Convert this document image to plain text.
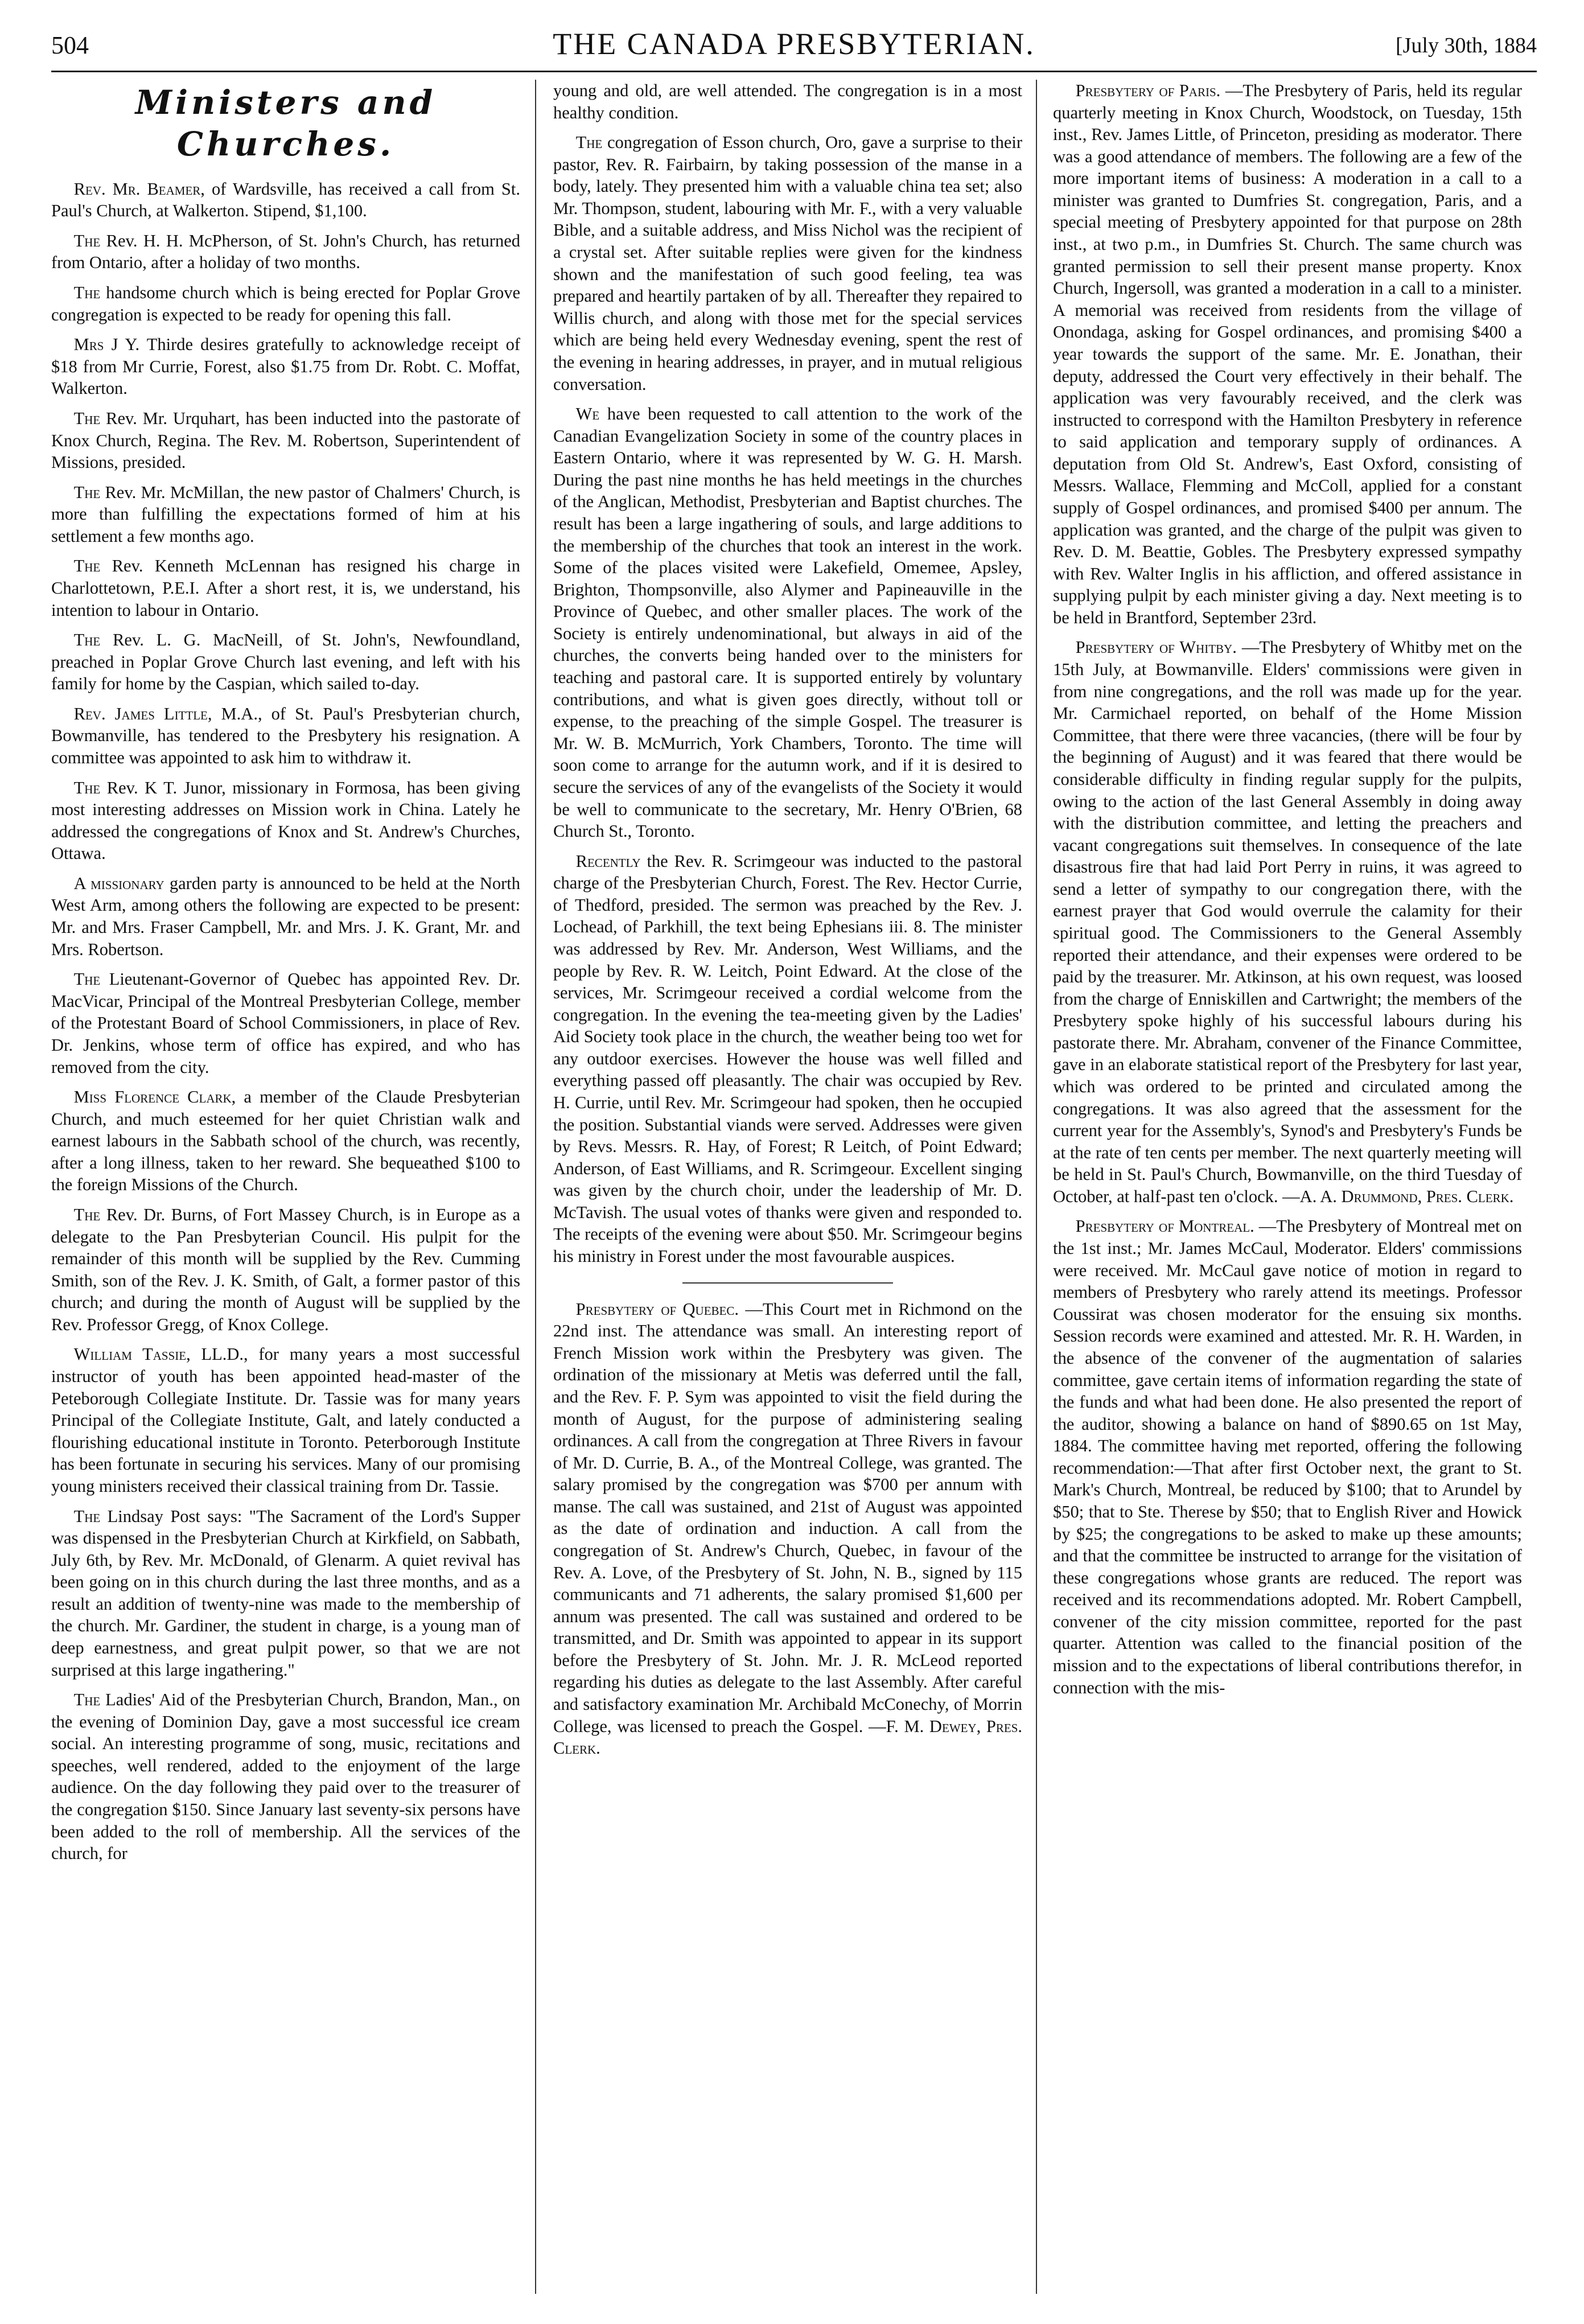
504	THE CANADA PRESBYTERIAN.	[July 30th, 1884
Ministers and Churches.

Rev. Mr. Beamer, of Wardsville, has received a call from St. Paul's Church, at Walkerton. Stipend, $1,100.

The Rev. H. H. McPherson, of St. John's Church, has returned from Ontario, after a holiday of two months.

The handsome church which is being erected for Poplar Grove congregation is expected to be ready for opening this fall.

Mrs J Y. Thirde desires gratefully to acknowledge receipt of $18 from Mr Currie, Forest, also $1.75 from Dr. Robt. C. Moffat, Walkerton.

The Rev. Mr. Urquhart, has been inducted into the pastorate of Knox Church, Regina. The Rev. M. Robertson, Superintendent of Missions, presided.

The Rev. Mr. McMillan, the new pastor of Chalmers' Church, is more than fulfilling the expectations formed of him at his settlement a few months ago.

The Rev. Kenneth McLennan has resigned his charge in Charlottetown, P.E.I. After a short rest, it is, we understand, his intention to labour in Ontario.

The Rev. L. G. MacNeill, of St. John's, Newfoundland, preached in Poplar Grove Church last evening, and left with his family for home by the Caspian, which sailed to-day.

Rev. James Little, M.A., of St. Paul's Presbyterian church, Bowmanville, has tendered to the Presbytery his resignation. A committee was appointed to ask him to withdraw it.

The Rev. K T. Junor, missionary in Formosa, has been giving most interesting addresses on Mission work in China. Lately he addressed the congregations of Knox and St. Andrew's Churches, Ottawa.

A missionary garden party is announced to be held at the North West Arm, among others the following are expected to be present: Mr. and Mrs. Fraser Campbell, Mr. and Mrs. J. K. Grant, Mr. and Mrs. Robertson.

The Lieutenant-Governor of Quebec has appointed Rev. Dr. MacVicar, Principal of the Montreal Presbyterian College, member of the Protestant Board of School Commissioners, in place of Rev. Dr. Jenkins, whose term of office has expired, and who has removed from the city.

Miss Florence Clark, a member of the Claude Presbyterian Church, and much esteemed for her quiet Christian walk and earnest labours in the Sabbath school of the church, was recently, after a long illness, taken to her reward. She bequeathed $100 to the foreign Missions of the Church.

The Rev. Dr. Burns, of Fort Massey Church, is in Europe as a delegate to the Pan Presbyterian Council. His pulpit for the remainder of this month will be supplied by the Rev. Cumming Smith, son of the Rev. J. K. Smith, of Galt, a former pastor of this church; and during the month of August will be supplied by the Rev. Professor Gregg, of Knox College.

William Tassie, LL.D., for many years a most successful instructor of youth has been appointed head-master of the Peteborough Collegiate Institute. Dr. Tassie was for many years Principal of the Collegiate Institute, Galt, and lately conducted a flourishing educational institute in Toronto. Peterborough Institute has been fortunate in securing his services. Many of our promising young ministers received their classical training from Dr. Tassie.

The Lindsay Post says: "The Sacrament of the Lord's Supper was dispensed in the Presbyterian Church at Kirkfield, on Sabbath, July 6th, by Rev. Mr. McDonald, of Glenarm. A quiet revival has been going on in this church during the last three months, and as a result an addition of twenty-nine was made to the membership of the church. Mr. Gardiner, the student in charge, is a young man of deep earnestness, and great pulpit power, so that we are not surprised at this large ingathering."

The Ladies' Aid of the Presbyterian Church, Brandon, Man., on the evening of Dominion Day, gave a most successful ice cream social. An interesting programme of song, music, recitations and speeches, well rendered, added to the enjoyment of the large audience. On the day following they paid over to the treasurer of the congregation $150. Since January last seventy-six persons have been added to the roll of membership. All the services of the church, for

young and old, are well attended. The congregation is in a most healthy condition.

The congregation of Esson church, Oro, gave a surprise to their pastor, Rev. R. Fairbairn, by taking possession of the manse in a body, lately. They presented him with a valuable china tea set; also Mr. Thompson, student, labouring with Mr. F., with a very valuable Bible, and a suitable address, and Miss Nichol was the recipient of a crystal set. After suitable replies were given for the kindness shown and the manifestation of such good feeling, tea was prepared and heartily partaken of by all. Thereafter they repaired to Willis church, and along with those met for the special services which are being held every Wednesday evening, spent the rest of the evening in hearing addresses, in prayer, and in mutual religious conversation.

We have been requested to call attention to the work of the Canadian Evangelization Society in some of the country places in Eastern Ontario, where it was represented by W. G. H. Marsh. During the past nine months he has held meetings in the churches of the Anglican, Methodist, Presbyterian and Baptist churches. The result has been a large ingathering of souls, and large additions to the membership of the churches that took an interest in the work. Some of the places visited were Lakefield, Omemee, Apsley, Brighton, Thompsonville, also Alymer and Papineauville in the Province of Quebec, and other smaller places. The work of the Society is entirely undenominational, but always in aid of the churches, the converts being handed over to the ministers for teaching and pastoral care. It is supported entirely by voluntary contributions, and what is given goes directly, without toll or expense, to the preaching of the simple Gospel. The treasurer is Mr. W. B. McMurrich, York Chambers, Toronto. The time will soon come to arrange for the autumn work, and if it is desired to secure the services of any of the evangelists of the Society it would be well to communicate to the secretary, Mr. Henry O'Brien, 68 Church St., Toronto.

Recently the Rev. R. Scrimgeour was inducted to the pastoral charge of the Presbyterian Church, Forest. The Rev. Hector Currie, of Thedford, presided. The sermon was preached by the Rev. J. Lochead, of Parkhill, the text being Ephesians iii. 8. The minister was addressed by Rev. Mr. Anderson, West Williams, and the people by Rev. R. W. Leitch, Point Edward. At the close of the services, Mr. Scrimgeour received a cordial welcome from the congregation. In the evening the tea-meeting given by the Ladies' Aid Society took place in the church, the weather being too wet for any outdoor exercises. However the house was well filled and everything passed off pleasantly. The chair was occupied by Rev. H. Currie, until Rev. Mr. Scrimgeour had spoken, then he occupied the position. Substantial viands were served. Addresses were given by Revs. Messrs. R. Hay, of Forest; R Leitch, of Point Edward; Anderson, of East Williams, and R. Scrimgeour. Excellent singing was given by the church choir, under the leadership of Mr. D. McTavish. The usual votes of thanks were given and responded to. The receipts of the evening were about $50. Mr. Scrimgeour begins his ministry in Forest under the most favourable auspices.

Presbytery of Quebec. —This Court met in Richmond on the 22nd inst. The attendance was small. An interesting report of French Mission work within the Presbytery was given. The ordination of the missionary at Metis was deferred until the fall, and the Rev. F. P. Sym was appointed to visit the field during the month of August, for the purpose of administering sealing ordinances. A call from the congregation at Three Rivers in favour of Mr. D. Currie, B. A., of the Montreal College, was granted. The salary promised by the congregation was $700 per annum with manse. The call was sustained, and 21st of August was appointed as the date of ordination and induction. A call from the congregation of St. Andrew's Church, Quebec, in favour of the Rev. A. Love, of the Presbytery of St. John, N. B., signed by 115 communicants and 71 adherents, the salary promised $1,600 per annum was presented. The call was sustained and ordered to be transmitted, and Dr. Smith was appointed to appear in its support before the Presbytery of St. John. Mr. J. R. McLeod reported regarding his duties as delegate to the last Assembly. After careful and satisfactory examination Mr. Archibald McConechy, of Morrin College, was licensed to preach the Gospel. —F. M. Dewey, Pres. Clerk.

Presbytery of Paris. —The Presbytery of Paris, held its regular quarterly meeting in Knox Church, Woodstock, on Tuesday, 15th inst., Rev. James Little, of Princeton, presiding as moderator. There was a good attendance of members. The following are a few of the more important items of business: A moderation in a call to a minister was granted to Dumfries St. congregation, Paris, and a special meeting of Presbytery appointed for that purpose on 28th inst., at two p.m., in Dumfries St. Church. The same church was granted permission to sell their present manse property. Knox Church, Ingersoll, was granted a moderation in a call to a minister. A memorial was received from residents from the village of Onondaga, asking for Gospel ordinances, and promising $400 a year towards the support of the same. Mr. E. Jonathan, their deputy, addressed the Court very effectively in their behalf. The application was very favourably received, and the clerk was instructed to correspond with the Hamilton Presbytery in reference to said application and temporary supply of ordinances. A deputation from Old St. Andrew's, East Oxford, consisting of Messrs. Wallace, Flemming and McColl, applied for a constant supply of Gospel ordinances, and promised $400 per annum. The application was granted, and the charge of the pulpit was given to Rev. D. M. Beattie, Gobles. The Presbytery expressed sympathy with Rev. Walter Inglis in his affliction, and offered assistance in supplying pulpit by each minister giving a day. Next meeting is to be held in Brantford, September 23rd.

Presbytery of Whitby. —The Presbytery of Whitby met on the 15th July, at Bowmanville. Elders' commissions were given in from nine congregations, and the roll was made up for the year. Mr. Carmichael reported, on behalf of the Home Mission Committee, that there were three vacancies, (there will be four by the beginning of August) and it was feared that there would be considerable difficulty in finding regular supply for the pulpits, owing to the action of the last General Assembly in doing away with the distribution committee, and letting the preachers and vacant congregations suit themselves. In consequence of the late disastrous fire that had laid Port Perry in ruins, it was agreed to send a letter of sympathy to our congregation there, with the earnest prayer that God would overrule the calamity for their spiritual good. The Commissioners to the General Assembly reported their attendance, and their expenses were ordered to be paid by the treasurer. Mr. Atkinson, at his own request, was loosed from the charge of Enniskillen and Cartwright; the members of the Presbytery spoke highly of his successful labours during his pastorate there. Mr. Abraham, convener of the Finance Committee, gave in an elaborate statistical report of the Presbytery for last year, which was ordered to be printed and circulated among the congregations. It was also agreed that the assessment for the current year for the Assembly's, Synod's and Presbytery's Funds be at the rate of ten cents per member. The next quarterly meeting will be held in St. Paul's Church, Bowmanville, on the third Tuesday of October, at half-past ten o'clock. —A. A. Drummond, Pres. Clerk.

Presbytery of Montreal. —The Presbytery of Montreal met on the 1st inst.; Mr. James McCaul, Moderator. Elders' commissions were received. Mr. McCaul gave notice of motion in regard to members of Presbytery who rarely attend its meetings. Professor Coussirat was chosen moderator for the ensuing six months. Session records were examined and attested. Mr. R. H. Warden, in the absence of the convener of the augmentation of salaries committee, gave certain items of information regarding the state of the funds and what had been done. He also presented the report of the auditor, showing a balance on hand of $890.65 on 1st May, 1884. The committee having met reported, offering the following recommendation:—That after first October next, the grant to St. Mark's Church, Montreal, be reduced by $100; that to Arundel by $50; that to Ste. Therese by $50; that to English River and Howick by $25; the congregations to be asked to make up these amounts; and that the committee be instructed to arrange for the visitation of these congregations whose grants are reduced. The report was received and its recommendations adopted. Mr. Robert Campbell, convener of the city mission committee, reported for the past quarter. Attention was called to the financial position of the mission and to the expectations of liberal contributions therefor, in connection with the mis-
